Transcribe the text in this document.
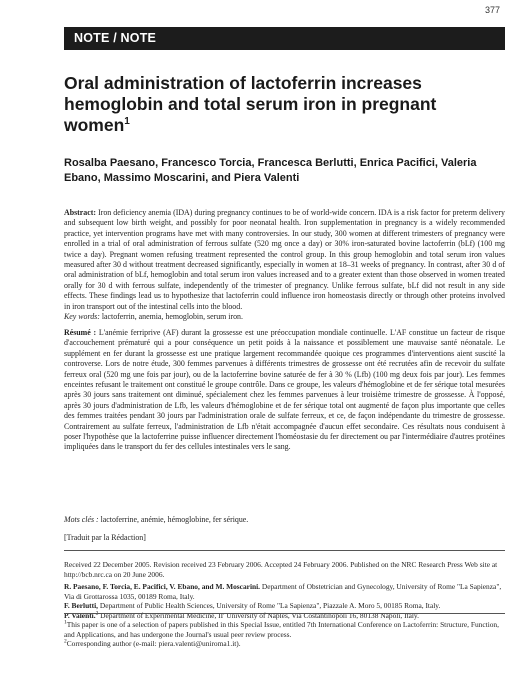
377
NOTE / NOTE
Oral administration of lactoferrin increases hemoglobin and total serum iron in pregnant women$^1$
Rosalba Paesano, Francesco Torcia, Francesca Berlutti, Enrica Pacifici, Valeria Ebano, Massimo Moscarini, and Piera Valenti
Abstract: Iron deficiency anemia (IDA) during pregnancy continues to be of world-wide concern. IDA is a risk factor for preterm delivery and subsequent low birth weight, and possibly for poor neonatal health. Iron supplementation in pregnancy is a widely recommended practice, yet intervention programs have met with many controversies. In our study, 300 women at different trimesters of pregnancy were enrolled in a trial of oral administration of ferrous sulfate (520 mg once a day) or 30% iron-saturated bovine lactoferrin (bLf) (100 mg twice a day). Pregnant women refusing treatment represented the control group. In this group hemoglobin and total serum iron values measured after 30 d without treatment decreased significantly, especially in women at 18–31 weeks of pregnancy. In contrast, after 30 d of oral administration of bLf, hemoglobin and total serum iron values increased and to a greater extent than those observed in women treated orally for 30 d with ferrous sulfate, independently of the trimester of pregnancy. Unlike ferrous sulfate, bLf did not result in any side effects. These findings lead us to hypothesize that lactoferrin could influence iron homeostasis directly or through other proteins involved in iron transport out of the intestinal cells into the blood.
Key words: lactoferrin, anemia, hemoglobin, serum iron.
Résumé : L'anémie ferriprive (AF) durant la grossesse est une préoccupation mondiale continuelle. L'AF constitue un facteur de risque d'accouchement prématuré qui a pour conséquence un petit poids à la naissance et possiblement une mauvaise santé néonatale. Le supplément en fer durant la grossesse est une pratique largement recommandée quoique ces programmes d'interventions aient suscité la controverse. Lors de notre étude, 300 femmes parvenues à différents trimestres de grossesse ont été recrutées afin de recevoir du sulfate ferreux oral (520 mg une fois par jour), ou de la lactoferrine bovine saturée de fer à 30 % (Lfb) (100 mg deux fois par jour). Les femmes enceintes refusant le traitement ont constitué le groupe contrôle. Dans ce groupe, les valeurs d'hémoglobine et de fer sérique total mesurées après 30 jours sans traitement ont diminué, spécialement chez les femmes parvenues à leur troisième trimestre de grossesse. À l'opposé, après 30 jours d'administration de Lfb, les valeurs d'hémoglobine et de fer sérique total ont augmenté de façon plus importante que celles des femmes traitées pendant 30 jours par l'administration orale de sulfate ferreux, et ce, de façon indépendante du trimestre de grossesse. Contrairement au sulfate ferreux, l'administration de Lfb n'était accompagnée d'aucun effet secondaire. Ces résultats nous conduisent à poser l'hypothèse que la lactoferrine puisse influencer directement l'homéostasie du fer directement ou par l'intermédiaire d'autres protéines impliquées dans le transport du fer des cellules intestinales vers le sang.
Mots clés : lactoferrine, anémie, hémoglobine, fer sérique.
[Traduit par la Rédaction]
Received 22 December 2005. Revision received 23 February 2006. Accepted 24 February 2006. Published on the NRC Research Press Web site at http://bcb.nrc.ca on 20 June 2006.

R. Paesano, F. Torcia, E. Pacifici, V. Ebano, and M. Moscarini. Department of Obstetrician and Gynecology, University of Rome "La Sapienza", Via di Grottarossa 1035, 00189 Roma, Italy.

F. Berlutti, Department of Public Health Sciences, University of Rome "La Sapienza", Piazzale A. Moro 5, 00185 Roma, Italy.

P. Valenti.$^2$ Department of Experimental Medicine, II' University of Naples, Via Costantinopoli 16, 80138 Napoli, Italy.

$^1$This paper is one of a selection of papers published in this Special Issue, entitled 7th International Conference on Lactoferrin: Structure, Function, and Applications, and has undergone the Journal's usual peer review process.

$^2$Corresponding author (e-mail: piera.valenti@uniroma1.it).
